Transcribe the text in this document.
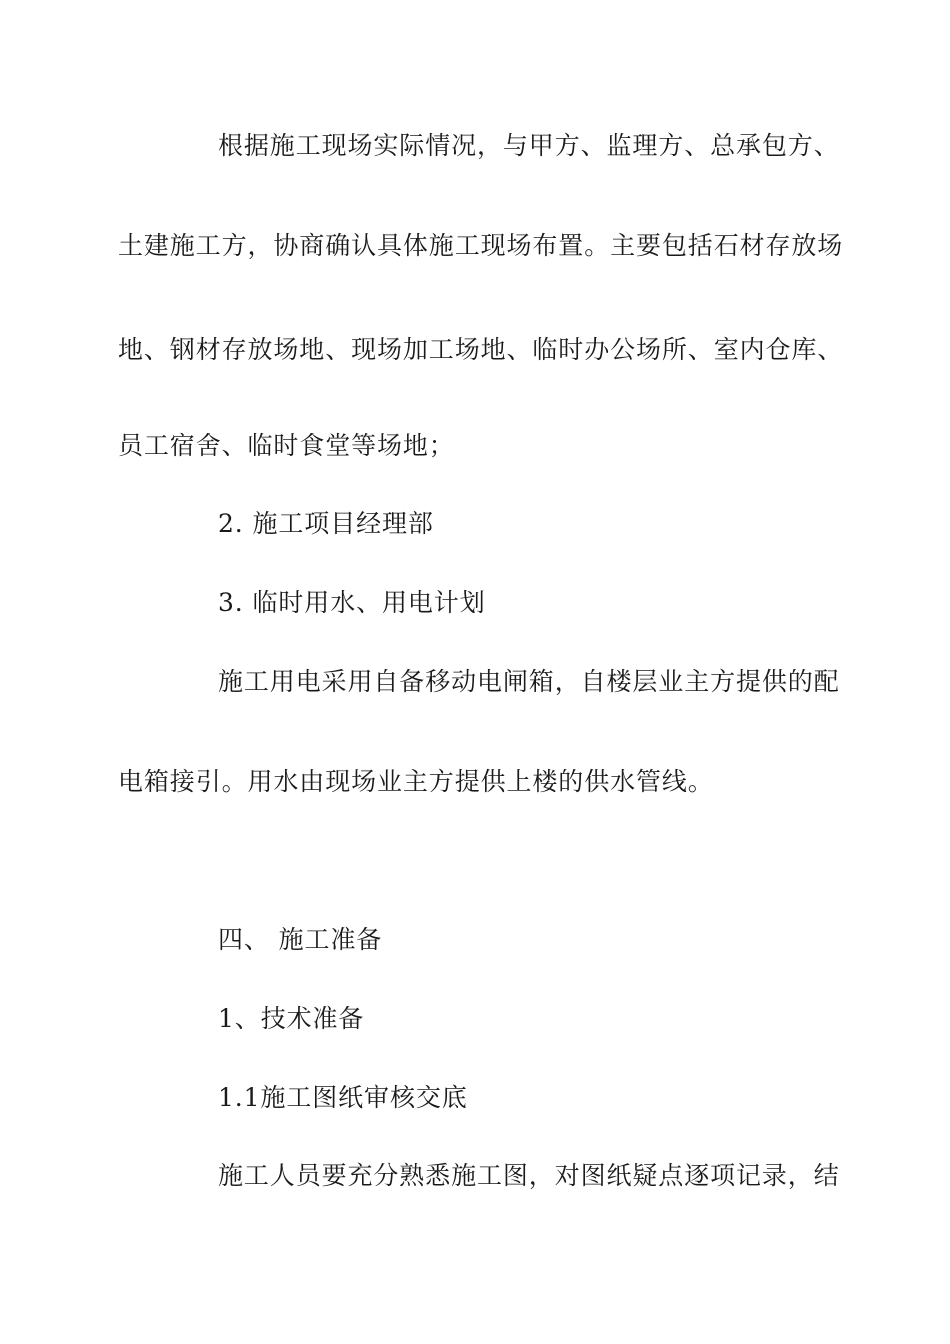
根据施工现场实际情况，与甲方、监理方、总承包方、
土建施工方，协商确认具体施工现场布置。主要包括石材存放场
地、钢材存放场地、现场加工场地、临时办公场所、室内仓库、
员工宿舍、临时食堂等场地；
2. 施工项目经理部
3. 临时用水、用电计划
施工用电采用自备移动电闸箱，自楼层业主方提供的配
电箱接引。用水由现场业主方提供上楼的供水管线。
四、 施工准备
1、技术准备
1.1施工图纸审核交底
施工人员要充分熟悉施工图，对图纸疑点逐项记录，结
